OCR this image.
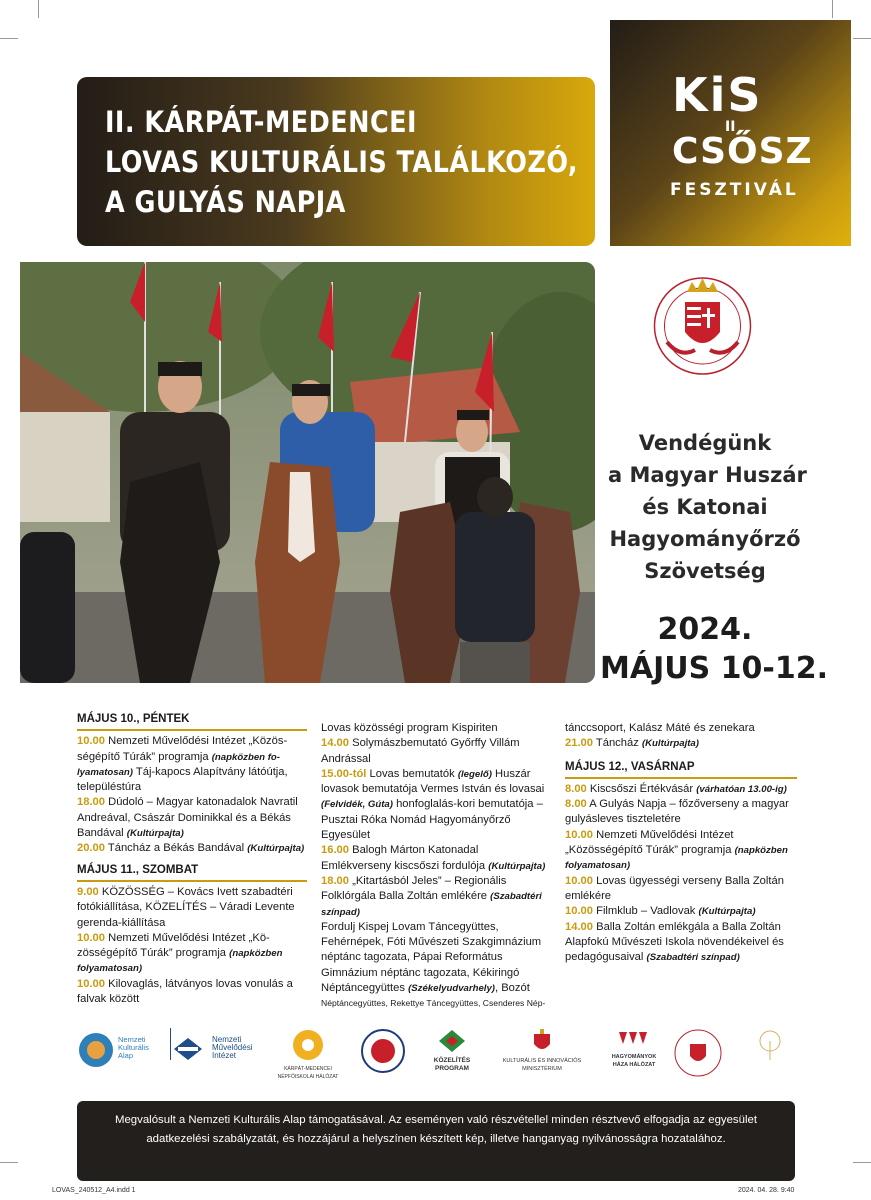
II. KÁRPÁT-MEDENCEI
LOVAS KULTURÁLIS TALÁLKOZÓ,
A GULYÁS NAPJA
KiS
II
CSŐSZ
FESZTIVÁL
Vendégünk
a Magyar Huszár
és Katonai
Hagyományőrző
Szövetség
2024.
MÁJUS 10-12.

MÁJUS 10., PÉNTEK

10.00 Nemzeti Művelődési Intézet „Közös-ségépítő Túrák” programja (napközben fo-lyamatosan) Táj-kapocs Alapítvány látóútja, településtúra

18.00 Dúdoló – Magyar katonadalok Navratil Andreával, Császár Dominikkal és a Békás Bandával (Kultúrpajta)

20.00 Táncház a Békás Bandával (Kultúrpajta)

MÁJUS 11., SZOMBAT

9.00 KÖZÖSSÉG – Kovács Ivett szabadtéri fotókiállítása, KÖZELÍTÉS – Váradi Levente gerenda-kiállítása

10.00 Nemzeti Művelődési Intézet „Kö-zösségépítő Túrák” programja (napközben folyamatosan)

10.00 Kilovaglás, látványos lovas vonulás a falvak között

Lovas közösségi program Kispiriten

14.00 Solymászbemutató Győrffy Villám Andrással

15.00-tól Lovas bemutatók (legelő) Huszár lovasok bemutatója Vermes István és lovasai (Felvidék, Gúta) honfoglalás-kori bemutatója – Pusztai Róka Nomád Hagyományőrző Egyesület

16.00 Balogh Márton Katonadal Emlékverseny kiscsőszi fordulója (Kultúrpajta)

18.00 „Kitartásból Jeles” – Regionális Folklórgála Balla Zoltán emlékére (Szabadtéri színpad)

Fordulj Kispej Lovam Táncegyüttes, Fehérnépek, Fóti Művészeti Szakgimnázium néptánc tagozata, Pápai Református Gimnázium néptánc tagozata, Kékiringó Néptáncegyüttes (Székelyudvarhely), Bozót

Néptáncegyüttes, Rekettye Táncegyüttes, Csenderes Nép-

tánccsoport, Kalász Máté és zenekara

21.00 Táncház (Kultúrpajta)

MÁJUS 12., VASÁRNAP

8.00 Kiscsőszi Értékvásár (várhatóan 13.00-ig)

8.00 A Gulyás Napja – főzőverseny a magyar gulyásleves tiszteletére

10.00 Nemzeti Művelődési Intézet „Közösségépítő Túrák” programja (napközben folyamatosan)

10.00 Lovas ügyességi verseny Balla Zoltán emlékére

10.00 Filmklub – Vadlovak (Kultúrpajta)

14.00 Balla Zoltán emlékgála a Balla Zoltán Alapfokú Művészeti Iskola növendékeivel és pedagógusaival (Szabadtéri színpad)

Nemzeti Kulturális Alap
Nemzeti Művelődési Intézet
KÁRPÁT-MEDENCEI NÉPFŐISKOLAI HÁLÓZAT
KÖZELÍTÉS PROGRAM
KULTURÁLIS ÉS INNOVÁCIÓS MINISZTÉRIUM
HAGYOMÁNYOK HÁZA HÁLÓZAT
Megvalósult a Nemzeti Kulturális Alap támogatásával. Az eseményen való részvétellel minden résztvevő elfogadja az egyesület adatkezelési szabályzatát, és hozzájárul a helyszínen készített kép, illetve hanganyag nyilvánosságra hozatalához.
LOVAS_240512_A4.indd 1	2024. 04. 28. 9:40
